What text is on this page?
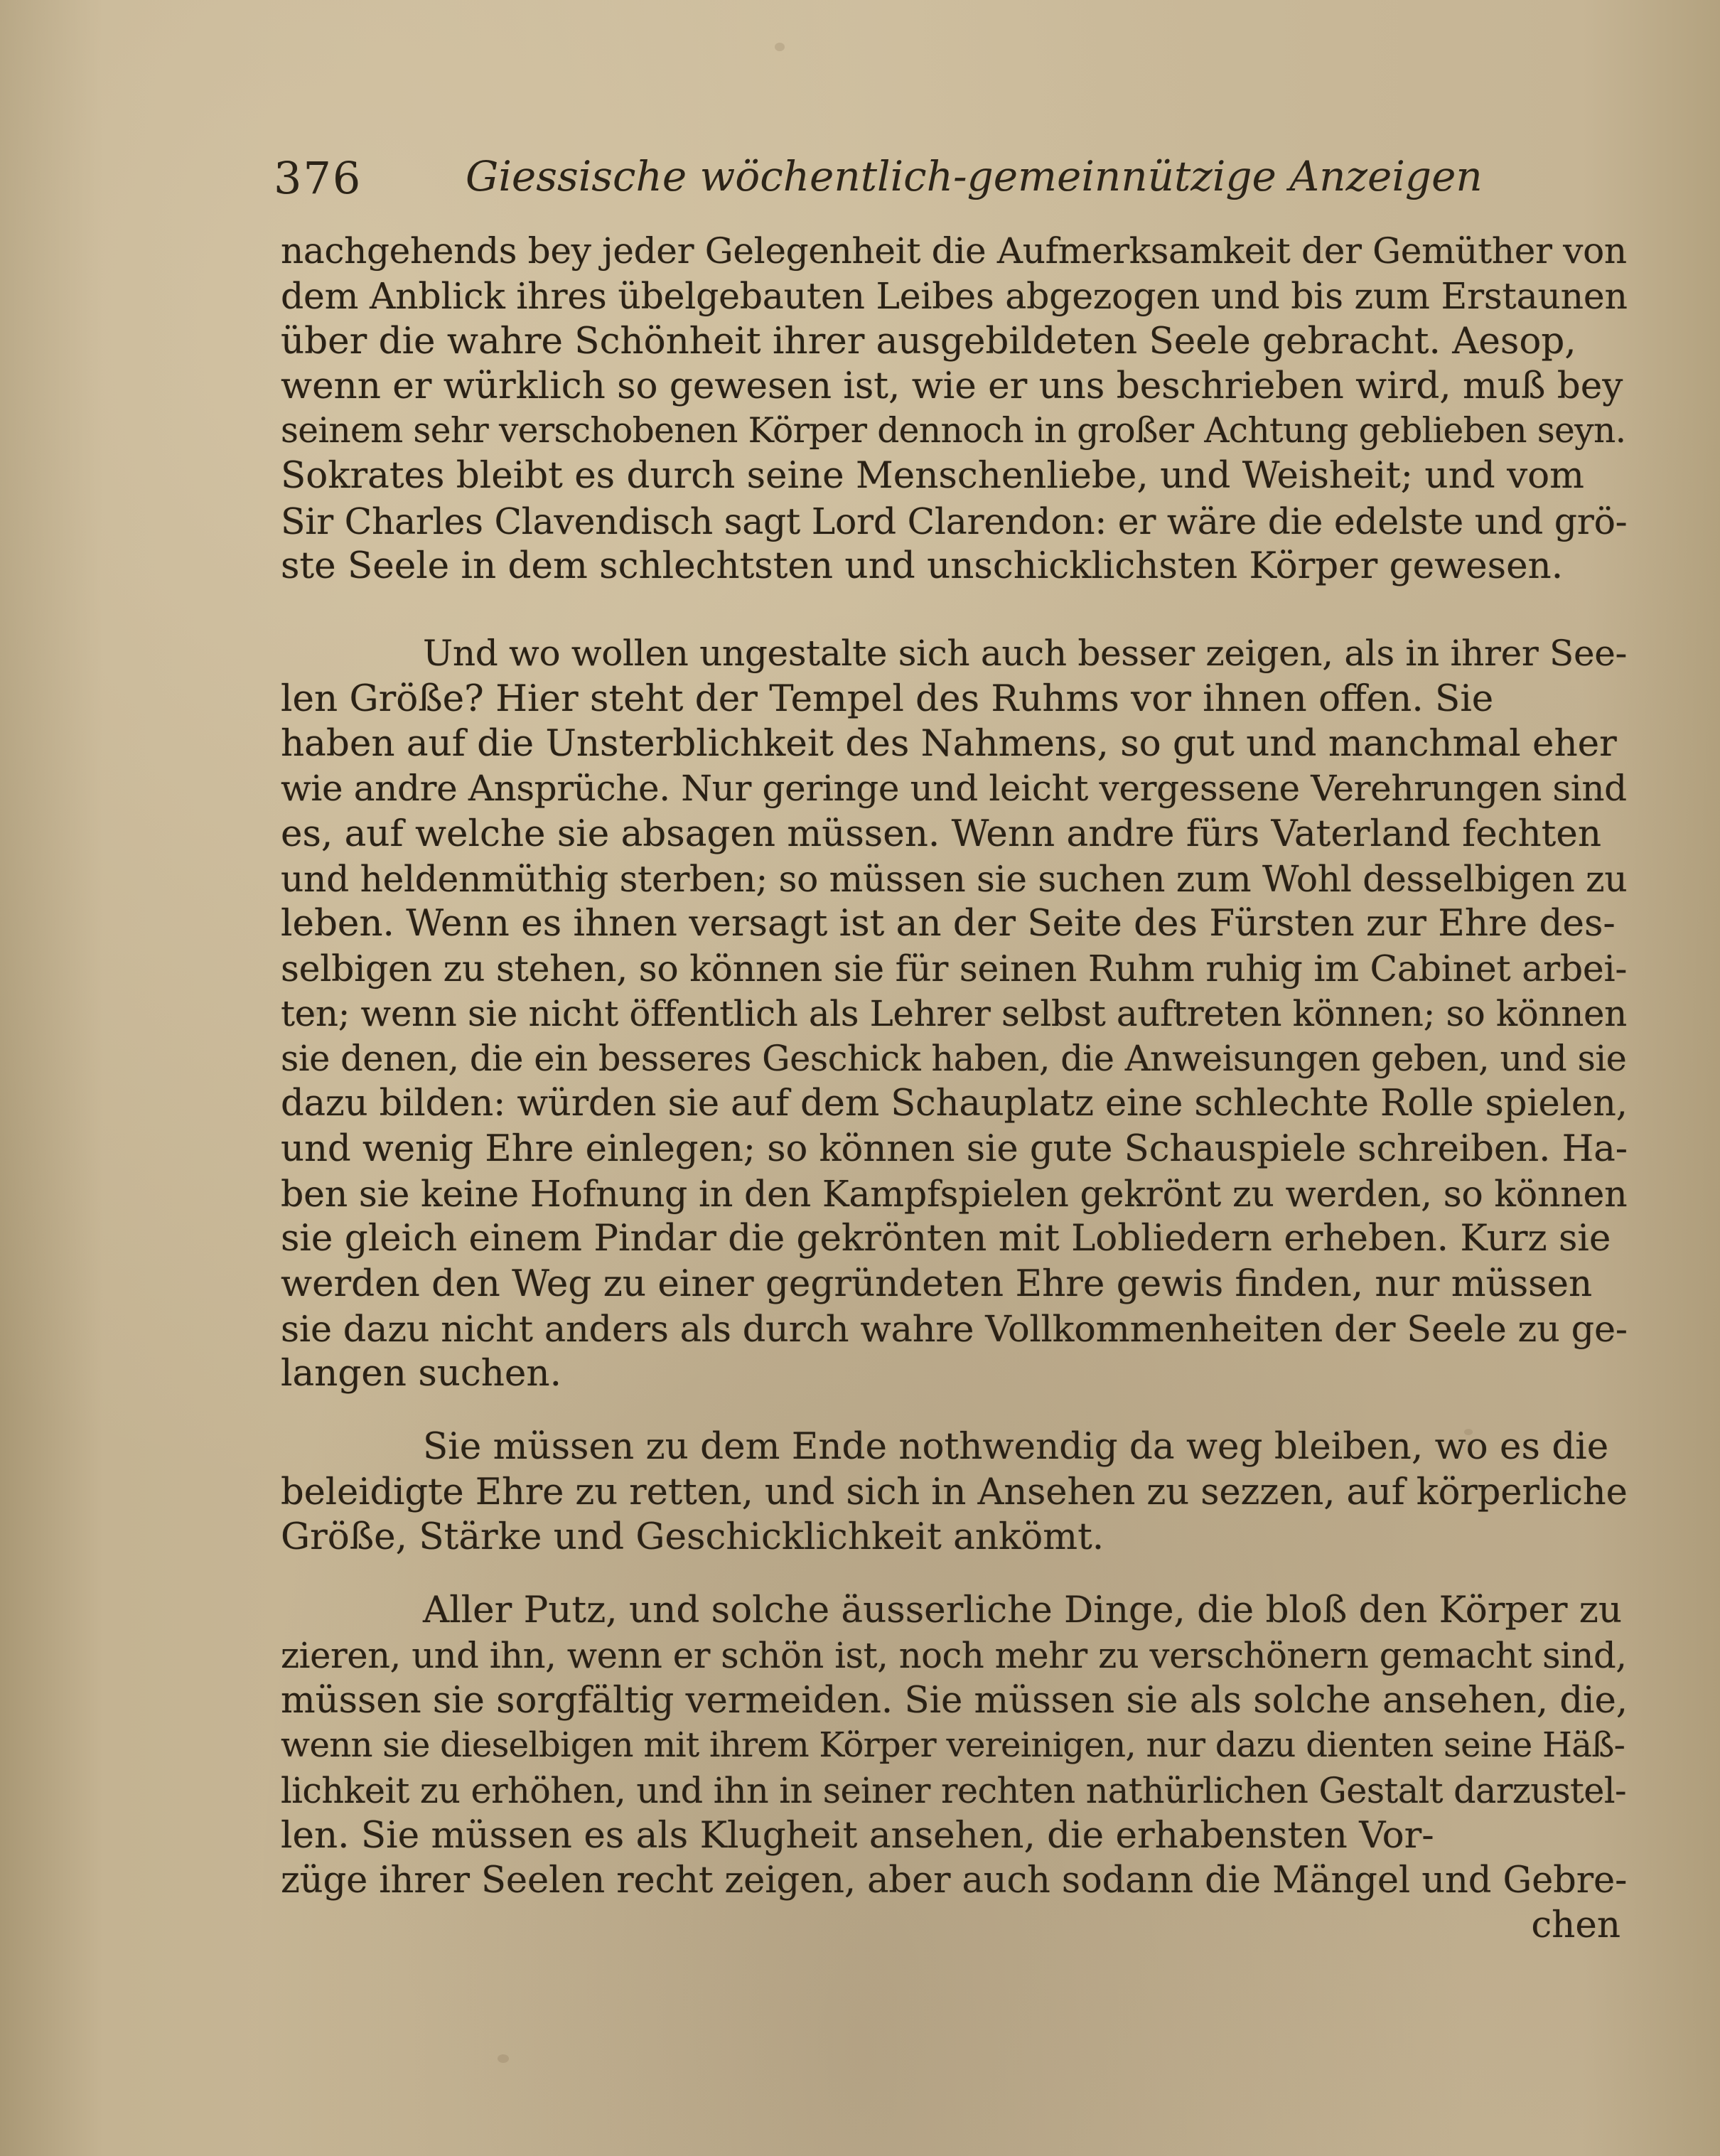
376	Giessische wöchentlich-gemeinnützige Anzeigen
nachgehends bey jeder Gelegenheit die Aufmerksamkeit der Gemüther von
dem Anblick ihres übelgebauten Leibes abgezogen und bis zum Erstaunen
über die wahre Schönheit ihrer ausgebildeten Seele gebracht. Aesop,
wenn er würklich so gewesen ist, wie er uns beschrieben wird, muß bey
seinem sehr verschobenen Körper dennoch in großer Achtung geblieben seyn.
Sokrates bleibt es durch seine Menschenliebe, und Weisheit; und vom
Sir Charles Clavendisch sagt Lord Clarendon: er wäre die edelste und grö-
ste Seele in dem schlechtsten und unschicklichsten Körper gewesen.
Und wo wollen ungestalte sich auch besser zeigen, als in ihrer See-
len Größe? Hier steht der Tempel des Ruhms vor ihnen offen. Sie
haben auf die Unsterblichkeit des Nahmens, so gut und manchmal eher
wie andre Ansprüche. Nur geringe und leicht vergessene Verehrungen sind
es, auf welche sie absagen müssen. Wenn andre fürs Vaterland fechten
und heldenmüthig sterben; so müssen sie suchen zum Wohl desselbigen zu
leben. Wenn es ihnen versagt ist an der Seite des Fürsten zur Ehre des-
selbigen zu stehen, so können sie für seinen Ruhm ruhig im Cabinet arbei-
ten; wenn sie nicht öffentlich als Lehrer selbst auftreten können; so können
sie denen, die ein besseres Geschick haben, die Anweisungen geben, und sie
dazu bilden: würden sie auf dem Schauplatz eine schlechte Rolle spielen,
und wenig Ehre einlegen; so können sie gute Schauspiele schreiben. Ha-
ben sie keine Hofnung in den Kampfspielen gekrönt zu werden, so können
sie gleich einem Pindar die gekrönten mit Lobliedern erheben. Kurz sie
werden den Weg zu einer gegründeten Ehre gewis finden, nur müssen
sie dazu nicht anders als durch wahre Vollkommenheiten der Seele zu ge-
langen suchen.
Sie müssen zu dem Ende nothwendig da weg bleiben, wo es die
beleidigte Ehre zu retten, und sich in Ansehen zu sezzen, auf körperliche
Größe, Stärke und Geschicklichkeit ankömt.
Aller Putz, und solche äusserliche Dinge, die bloß den Körper zu
zieren, und ihn, wenn er schön ist, noch mehr zu verschönern gemacht sind,
müssen sie sorgfältig vermeiden. Sie müssen sie als solche ansehen, die,
wenn sie dieselbigen mit ihrem Körper vereinigen, nur dazu dienten seine Häß-
lichkeit zu erhöhen, und ihn in seiner rechten nathürlichen Gestalt darzustel-
len. Sie müssen es als Klugheit ansehen, die erhabensten Vor-
züge ihrer Seelen recht zeigen, aber auch sodann die Mängel und Gebre-
chen
